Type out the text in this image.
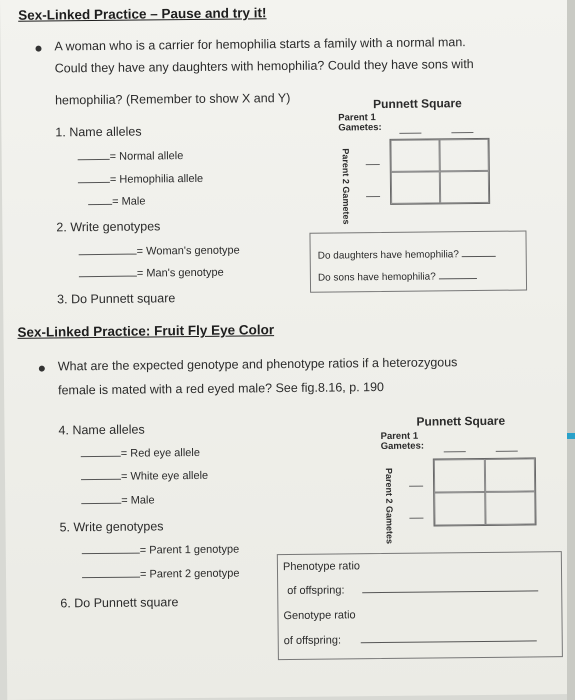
Sex-Linked Practice – Pause and try it!
A woman who is a carrier for hemophilia starts a family with a normal man.
Could they have any daughters with hemophilia? Could they have sons with
hemophilia? (Remember to show X and Y)
1. Name alleles
= Normal allele
= Hemophilia allele
= Male
2. Write genotypes
= Woman's genotype
= Man's genotype
3. Do Punnett square
Punnett Square
Parent 1
Gametes:
Parent 2 Gametes
Do daughters have hemophilia?
Do sons have hemophilia?
Sex-Linked Practice: Fruit Fly Eye Color
What are the expected genotype and phenotype ratios if a heterozygous
female is mated with a red eyed male? See fig.8.16, p. 190
4. Name alleles
= Red eye allele
= White eye allele
= Male
5. Write genotypes
= Parent 1 genotype
= Parent 2 genotype
6. Do Punnett square
Punnett Square
Parent 1
Gametes:
Parent 2 Gametes
Phenotype ratio
of offspring:
Genotype ratio
of offspring:
